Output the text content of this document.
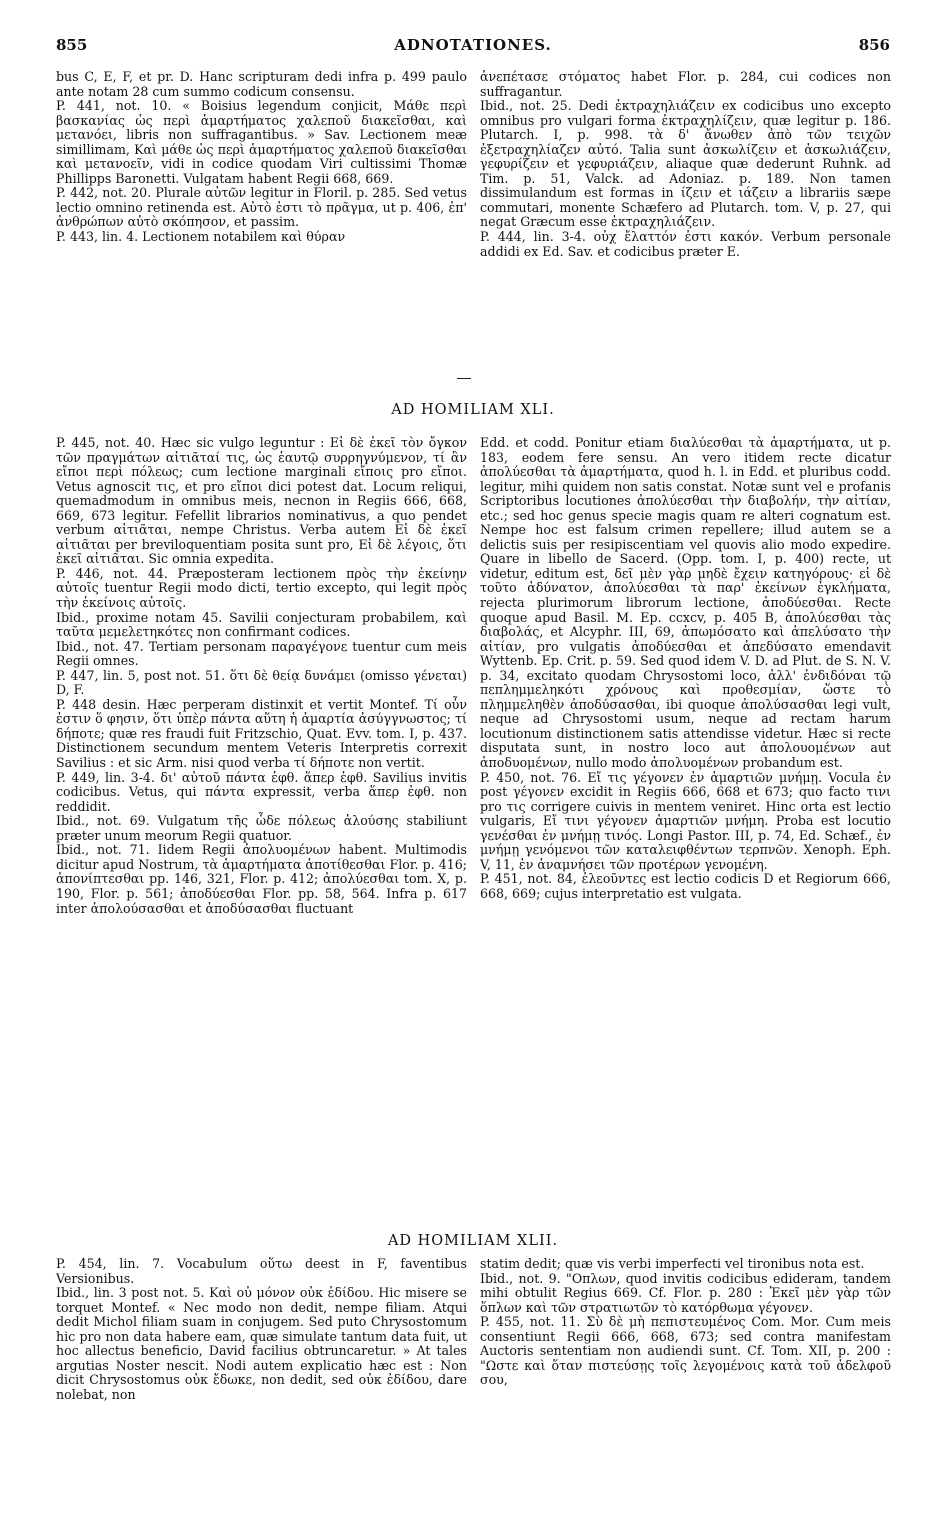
855	ADNOTATIONES.	856

bus C, E, F, et pr. D. Hanc scripturam dedi infra p. 499 paulo ante notam 28 cum summo codicum consensu.

P. 441, not. 10. « Boisius legendum conjicit, Μάθε περὶ βασκανίας ὡς περὶ ἁμαρτήματος χαλεποῦ διακεῖσθαι, καὶ μετανόει, libris non suffragantibus. » Sav. Lectionem meæ simillimam, Καὶ μάθε ὡς περὶ ἁμαρτήματος χαλεποῦ διακεῖσθαι καὶ μετανοεῖν, vidi in codice quodam Viri cultissimi Thomæ Phillipps Baronetti. Vulgatam habent Regii 668, 669.

P. 442, not. 20. Plurale αὐτῶν legitur in Floril. p. 285. Sed vetus lectio omnino retinenda est. Αὐτὸ ἐστι τὸ πρᾶγμα, ut p. 406, ἐπ' ἀνθρώπων αὐτὸ σκόπησον, et passim.

P. 443, lin. 4. Lectionem notabilem καὶ θύραν

ἀνεπέτασε στόματος habet Flor. p. 284, cui codices non suffragantur.

Ibid., not. 25. Dedi ἐκτραχηλιάζειν ex codicibus uno excepto omnibus pro vulgari forma ἐκτραχηλίζειν, quæ legitur p. 186. Plutarch. I, p. 998. τὰ δ' ἄνωθεν ἀπὸ τῶν τειχῶν ἐξετραχηλίαζεν αὐτό. Talia sunt ἀσκωλίζειν et ἀσκωλιάζειν, γεφυρίζειν et γεφυριάζειν, aliaque quæ dederunt Ruhnk. ad Tim. p. 51, Valck. ad Adoniaz. p. 189. Non tamen dissimulandum est formas in ίζειν et ιάζειν a librariis sæpe commutari, monente Schæfero ad Plutarch. tom. V, p. 27, qui negat Græcum esse ἐκτραχηλιάζειν.

P. 444, lin. 3-4. οὐχ ἔλαττόν ἐστι κακόν. Verbum personale addidi ex Ed. Sav. et codicibus præter E.

AD HOMILIAM XLI.

P. 445, not. 40. Hæc sic vulgo leguntur : Εἰ δὲ ἐκεῖ τὸν ὄγκον τῶν πραγμάτων αἰτιᾶταί τις, ὡς ἑαυτῷ συρρηγνύμενον, τί ἂν εἴποι περὶ πόλεως; cum lectione marginali εἴποις pro εἴποι. Vetus agnoscit τις, et pro εἴποι dici potest dat. Locum reliqui, quemadmodum in omnibus meis, necnon in Regiis 666, 668, 669, 673 legitur. Fefellit librarios nominativus, a quo pendet verbum αἰτιᾶται, nempe Christus. Verba autem Εἰ δὲ ἐκεῖ αἰτιᾶται per breviloquentiam posita sunt pro, Εἰ δὲ λέγοις, ὅτι ἐκεῖ αἰτιᾶται. Sic omnia expedita.

P. 446, not. 44. Præposteram lectionem πρὸς τὴν ἐκείνην αὐτοῖς tuentur Regii modo dicti, tertio excepto, qui legit πρὸς τὴν ἐκείνοις αὐτοῖς.

Ibid., proxime notam 45. Savilii conjecturam probabilem, καὶ ταῦτα μεμελετηκότες non confirmant codices.

Ibid., not. 47. Tertiam personam παραγέγονε tuentur cum meis Regii omnes.

P. 447, lin. 5, post not. 51. ὅτι δὲ θείᾳ δυνάμει (omisso γένεται) D, F.

P. 448 desin. Hæc perperam distinxit et vertit Montef. Τί οὖν ἐστιν ὅ φησιν, ὅτι ὑπὲρ πάντα αὕτη ἡ ἁμαρτία ἀσύγγνωστος; τί δήποτε; quæ res fraudi fuit Fritzschio, Quat. Evv. tom. I, p. 437. Distinctionem secundum mentem Veteris Interpretis correxit Savilius : et sic Arm. nisi quod verba τί δήποτε non vertit.

P. 449, lin. 3-4. δι' αὐτοῦ πάντα ἐφθ. ἅπερ ἐφθ. Savilius invitis codicibus. Vetus, qui πάντα expressit, verba ἅπερ ἐφθ. non reddidit.

Ibid., not. 69. Vulgatum τῆς ὧδε πόλεως ἁλούσης stabiliunt præter unum meorum Regii quatuor.

Ibid., not. 71. Iidem Regii ἀπολυομένων habent. Multimodis dicitur apud Nostrum, τὰ ἁμαρτήματα ἀποτίθεσθαι Flor. p. 416; ἀπονίπτεσθαι pp. 146, 321, Flor. p. 412; ἀπολύεσθαι tom. X, p. 190, Flor. p. 561; ἀποδύεσθαι Flor. pp. 58, 564. Infra p. 617 inter ἀπολούσασθαι et ἀποδύσασθαι fluctuant

Edd. et codd. Ponitur etiam διαλύεσθαι τὰ ἁμαρτήματα, ut p. 183, eodem fere sensu. An vero itidem recte dicatur ἀπολύεσθαι τὰ ἁμαρτήματα, quod h. l. in Edd. et pluribus codd. legitur, mihi quidem non satis constat. Notæ sunt vel e profanis Scriptoribus locutiones ἀπολύεσθαι τὴν διαβολήν, τὴν αἰτίαν, etc.; sed hoc genus specie magis quam re alteri cognatum est. Nempe hoc est falsum crimen repellere; illud autem se a delictis suis per resipiscentiam vel quovis alio modo expedire. Quare in libello de Sacerd. (Opp. tom. I, p. 400) recte, ut videtur, editum est, δεῖ μὲν γὰρ μηδὲ ἔχειν κατηγόρους· εἰ δὲ τοῦτο ἀδύνατον, ἀπολύεσθαι τὰ παρ' ἐκείνων ἐγκλήματα, rejecta plurimorum librorum lectione, ἀποδύεσθαι. Recte quoque apud Basil. M. Ep. ccxcv, p. 405 B, ἀπολύεσθαι τὰς διαβολάς, et Alcyphr. III, 69, ἀπωμόσατο καὶ ἀπελύσατο τὴν αἰτίαν, pro vulgatis ἀποδύεσθαι et ἀπεδύσατο emendavit Wyttenb. Ep. Crit. p. 59. Sed quod idem V. D. ad Plut. de S. N. V. p. 34, excitato quodam Chrysostomi loco, ἀλλ' ἐνδιδόναι τῷ πεπλημμεληκότι χρόνους καὶ προθεσμίαν, ὥστε τὸ πλημμεληθὲν ἀποδύσασθαι, ibi quoque ἀπολύσασθαι legi vult, neque ad Chrysostomi usum, neque ad rectam harum locutionum distinctionem satis attendisse videtur. Hæc si recte disputata sunt, in nostro loco aut ἀπολουομένων aut ἀποδυομένων, nullo modo ἀπολυομένων probandum est.

P. 450, not. 76. Εἴ τις γέγονεν ἐν ἁμαρτιῶν μνήμῃ. Vocula ἐν post γέγονεν excidit in Regiis 666, 668 et 673; quo facto τινι pro τις corrigere cuivis in mentem veniret. Hinc orta est lectio vulgaris, Εἴ τινι γέγονεν ἁμαρτιῶν μνήμη. Proba est locutio γενέσθαι ἐν μνήμῃ τινός. Longi Pastor. III, p. 74, Ed. Schæf., ἐν μνήμῃ γενόμενοι τῶν καταλειφθέντων τερπνῶν. Xenoph. Eph. V, 11, ἐν ἀναμνήσει τῶν προτέρων γενομένη.

P. 451, not. 84, ἐλεοῦντες est lectio codicis D et Regiorum 666, 668, 669; cujus interpretatio est vulgata.

AD HOMILIAM XLII.

P. 454, lin. 7. Vocabulum οὕτω deest in F, faventibus Versionibus.

Ibid., lin. 3 post not. 5. Καὶ οὐ μόνον οὐκ ἐδίδου. Hic misere se torquet Montef. « Nec modo non dedit, nempe filiam. Atqui dedit Michol filiam suam in conjugem. Sed puto Chrysostomum hic pro non data habere eam, quæ simulate tantum data fuit, ut hoc allectus beneficio, David facilius obtruncaretur. » At tales argutias Noster nescit. Nodi autem explicatio hæc est : Non dicit Chrysostomus οὐκ ἔδωκε, non dedit, sed οὐκ ἐδίδου, dare nolebat, non

statim dedit; quæ vis verbi imperfecti vel tironibus nota est.

Ibid., not. 9. "Οπλων, quod invitis codicibus edideram, tandem mihi obtulit Regius 669. Cf. Flor. p. 280 : Ἐκεῖ μὲν γὰρ τῶν ὅπλων καὶ τῶν στρατιωτῶν τὸ κατόρθωμα γέγονεν.

P. 455, not. 11. Σὺ δὲ μὴ πεπιστευμένος Com. Mor. Cum meis consentiunt Regii 666, 668, 673; sed contra manifestam Auctoris sententiam non audiendi sunt. Cf. Tom. XII, p. 200 : "Ωστε καὶ ὅταν πιστεύσῃς τοῖς λεγομένοις κατὰ τοῦ ἀδελφοῦ σου,
